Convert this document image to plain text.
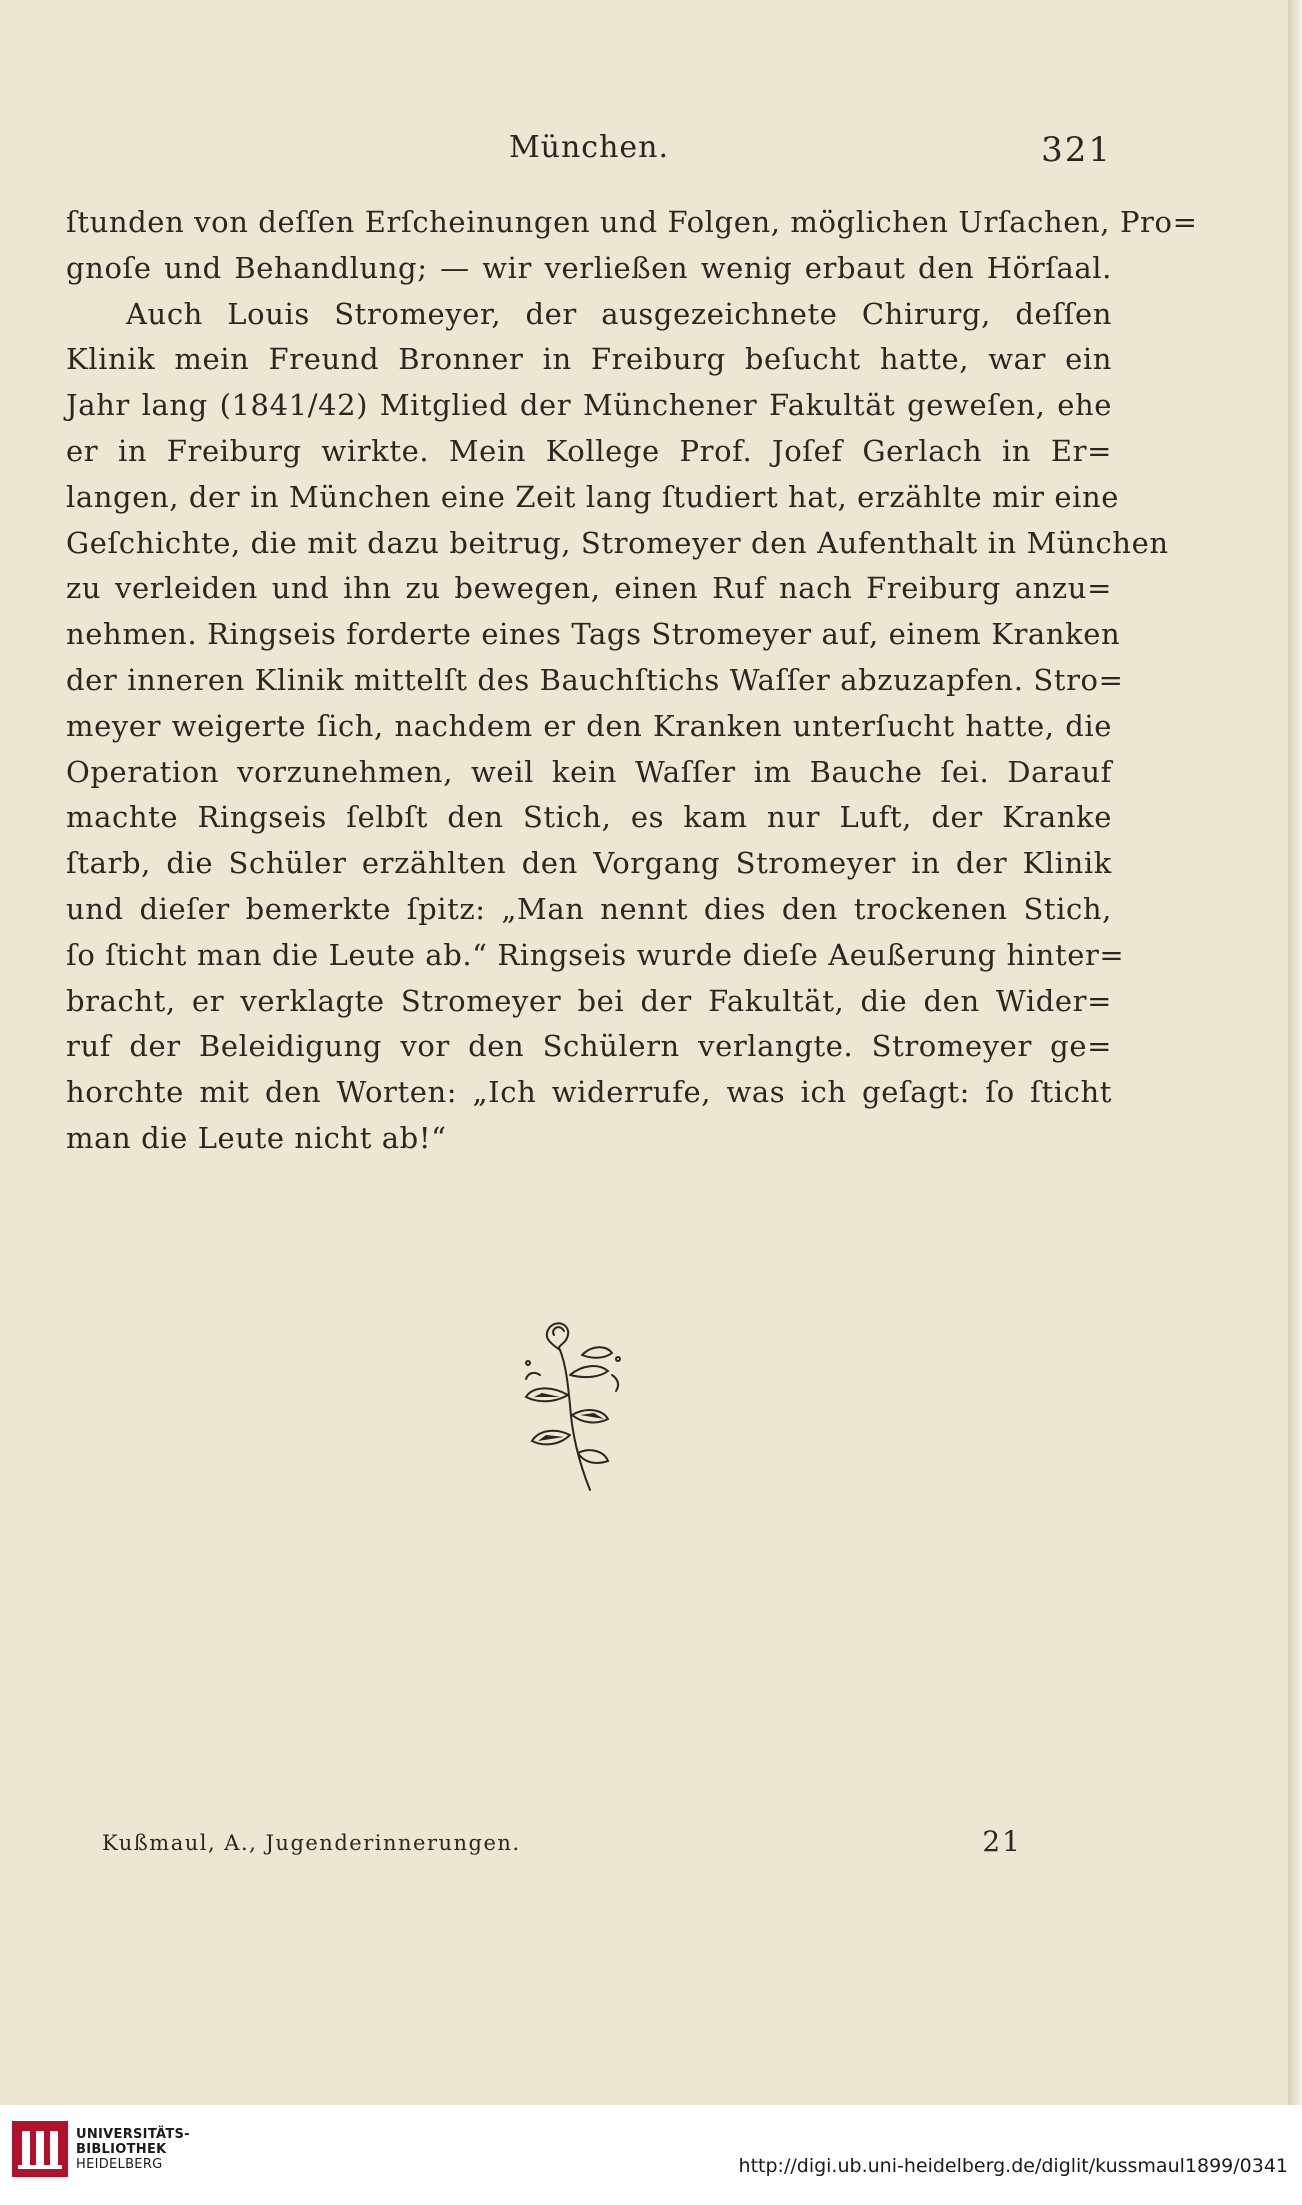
München.	321
ſtunden von deſſen Erſcheinungen und Folgen, möglichen Urſachen, Pro=
gnoſe und Behandlung; — wir verließen wenig erbaut den Hörſaal.
Auch Louis Stromeyer, der ausgezeichnete Chirurg, deſſen
Klinik mein Freund Bronner in Freiburg beſucht hatte, war ein
Jahr lang (1841/42) Mitglied der Münchener Fakultät geweſen, ehe
er in Freiburg wirkte. Mein Kollege Prof. Joſef Gerlach in Er=
langen, der in München eine Zeit lang ſtudiert hat, erzählte mir eine
Geſchichte, die mit dazu beitrug, Stromeyer den Aufenthalt in München
zu verleiden und ihn zu bewegen, einen Ruf nach Freiburg anzu=
nehmen. Ringseis forderte eines Tags Stromeyer auf, einem Kranken
der inneren Klinik mittelſt des Bauchſtichs Waſſer abzuzapfen. Stro=
meyer weigerte ſich, nachdem er den Kranken unterſucht hatte, die
Operation vorzunehmen, weil kein Waſſer im Bauche ſei. Darauf
machte Ringseis ſelbſt den Stich, es kam nur Luft, der Kranke
ſtarb, die Schüler erzählten den Vorgang Stromeyer in der Klinik
und dieſer bemerkte ſpitz: „Man nennt dies den trockenen Stich,
ſo ſticht man die Leute ab.“ Ringseis wurde dieſe Aeußerung hinter=
bracht, er verklagte Stromeyer bei der Fakultät, die den Wider=
ruf der Beleidigung vor den Schülern verlangte. Stromeyer ge=
horchte mit den Worten: „Ich widerrufe, was ich geſagt: ſo ſticht
man die Leute nicht ab!“
Kußmaul, A., Jugenderinnerungen.	21
UNIVERSITÄTS-
BIBLIOTHEK
HEIDELBERG	http://digi.ub.uni-heidelberg.de/diglit/kussmaul1899/0341
